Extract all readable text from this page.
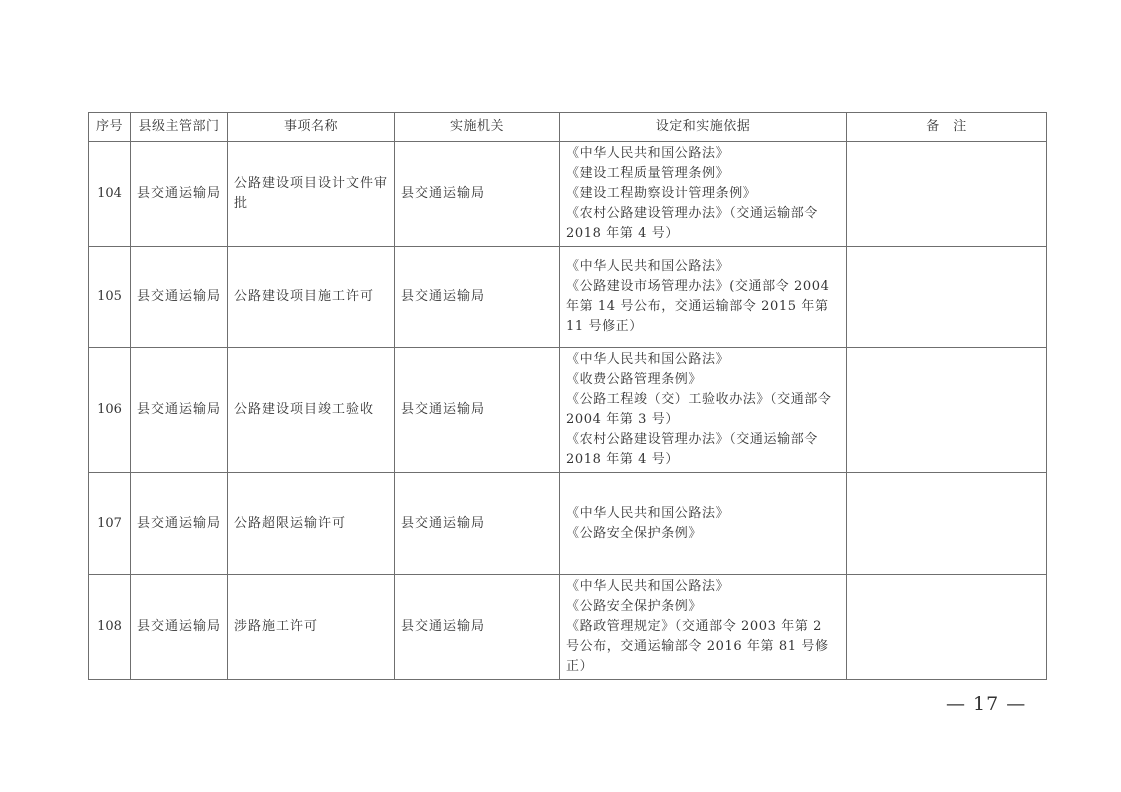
序号	县级主管部门	事项名称	实施机关	设定和实施依据	备　注
104	县交通运输局	公路建设项目设计文件审批	县交通运输局	《中华人民共和国公路法》
《建设工程质量管理条例》
《建设工程勘察设计管理条例》
《农村公路建设管理办法》（交通运输部令 2018 年第 4 号）	

105	县交通运输局	公路建设项目施工许可	县交通运输局	《中华人民共和国公路法》
《公路建设市场管理办法》(交通部令 2004 年第 14 号公布，交通运输部令 2015 年第 11 号修正）	

106	县交通运输局	公路建设项目竣工验收	县交通运输局	《中华人民共和国公路法》
《收费公路管理条例》
《公路工程竣（交）工验收办法》（交通部令 2004 年第 3 号）
《农村公路建设管理办法》（交通运输部令 2018 年第 4 号）	

107	县交通运输局	公路超限运输许可	县交通运输局	《中华人民共和国公路法》
《公路安全保护条例》	

108	县交通运输局	涉路施工许可	县交通运输局	《中华人民共和国公路法》
《公路安全保护条例》
《路政管理规定》（交通部令 2003 年第 2 号公布，交通运输部令 2016 年第 81 号修正）	

— 17 —
